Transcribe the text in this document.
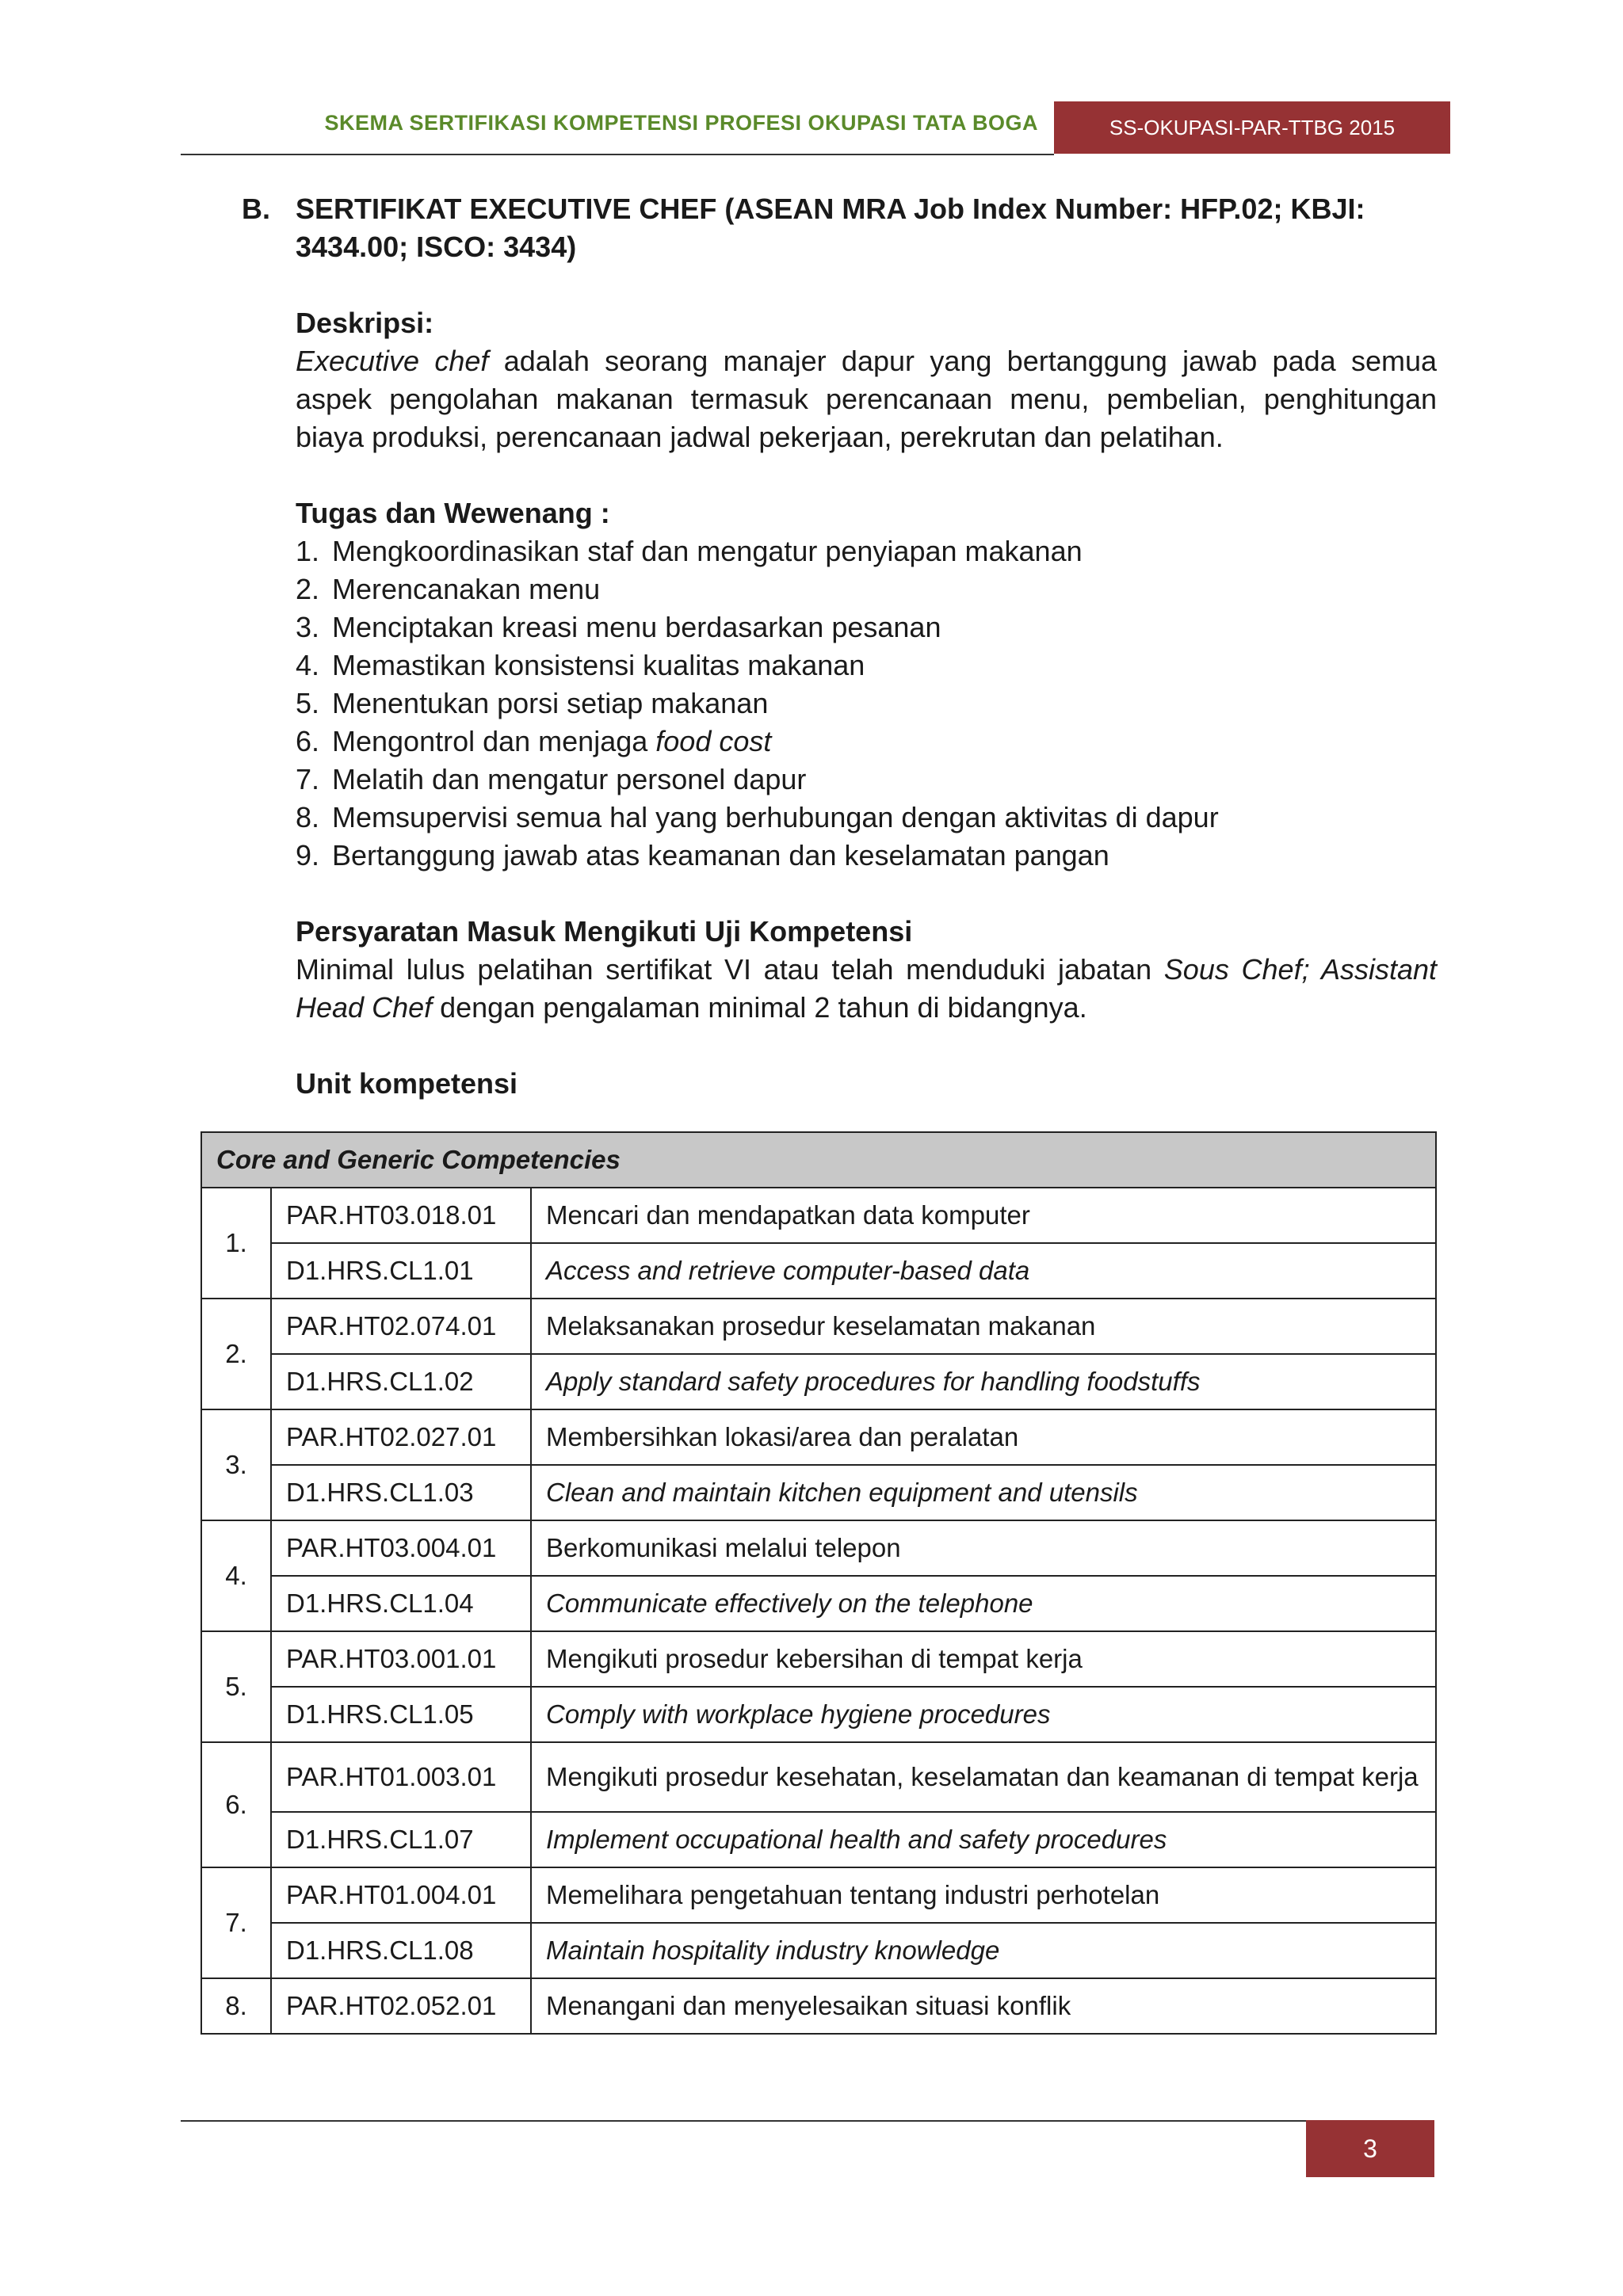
SKEMA SERTIFIKASI KOMPETENSI PROFESI OKUPASI TATA BOGA	SS-OKUPASI-PAR-TTBG 2015
B. SERTIFIKAT EXECUTIVE CHEF (ASEAN MRA Job Index Number: HFP.02; KBJI: 3434.00; ISCO: 3434)
Deskripsi:
Executive chef adalah seorang manajer dapur yang bertanggung jawab pada semua aspek pengolahan makanan termasuk perencanaan menu, pembelian, penghitungan biaya produksi, perencanaan jadwal pekerjaan, perekrutan dan pelatihan.
Tugas dan Wewenang :
1. Mengkoordinasikan staf dan mengatur penyiapan makanan
2. Merencanakan menu
3. Menciptakan kreasi menu berdasarkan pesanan
4. Memastikan konsistensi kualitas makanan
5. Menentukan porsi setiap makanan
6. Mengontrol dan menjaga food cost
7. Melatih dan mengatur personel dapur
8. Memsupervisi semua hal yang berhubungan dengan aktivitas di dapur
9. Bertanggung jawab atas keamanan dan keselamatan pangan
Persyaratan Masuk Mengikuti Uji Kompetensi
Minimal lulus pelatihan sertifikat VI atau telah menduduki jabatan Sous Chef; Assistant Head Chef dengan pengalaman minimal 2 tahun di bidangnya.
Unit kompetensi
Core and Generic Competencies		
1.	PAR.HT03.018.01	Mencari dan mendapatkan data komputer
	D1.HRS.CL1.01	Access and retrieve computer-based data
2.	PAR.HT02.074.01	Melaksanakan prosedur keselamatan makanan
	D1.HRS.CL1.02	Apply standard safety procedures for handling foodstuffs
3.	PAR.HT02.027.01	Membersihkan lokasi/area dan peralatan
	D1.HRS.CL1.03	Clean and maintain kitchen equipment and utensils
4.	PAR.HT03.004.01	Berkomunikasi melalui telepon
	D1.HRS.CL1.04	Communicate effectively on the telephone
5.	PAR.HT03.001.01	Mengikuti prosedur kebersihan di tempat kerja
	D1.HRS.CL1.05	Comply with workplace hygiene procedures
6.	PAR.HT01.003.01	Mengikuti prosedur kesehatan, keselamatan dan keamanan di tempat kerja
	D1.HRS.CL1.07	Implement occupational health and safety procedures
7.	PAR.HT01.004.01	Memelihara pengetahuan tentang industri perhotelan
	D1.HRS.CL1.08	Maintain hospitality industry knowledge
8.	PAR.HT02.052.01	Menangani dan menyelesaikan situasi konflik
3
